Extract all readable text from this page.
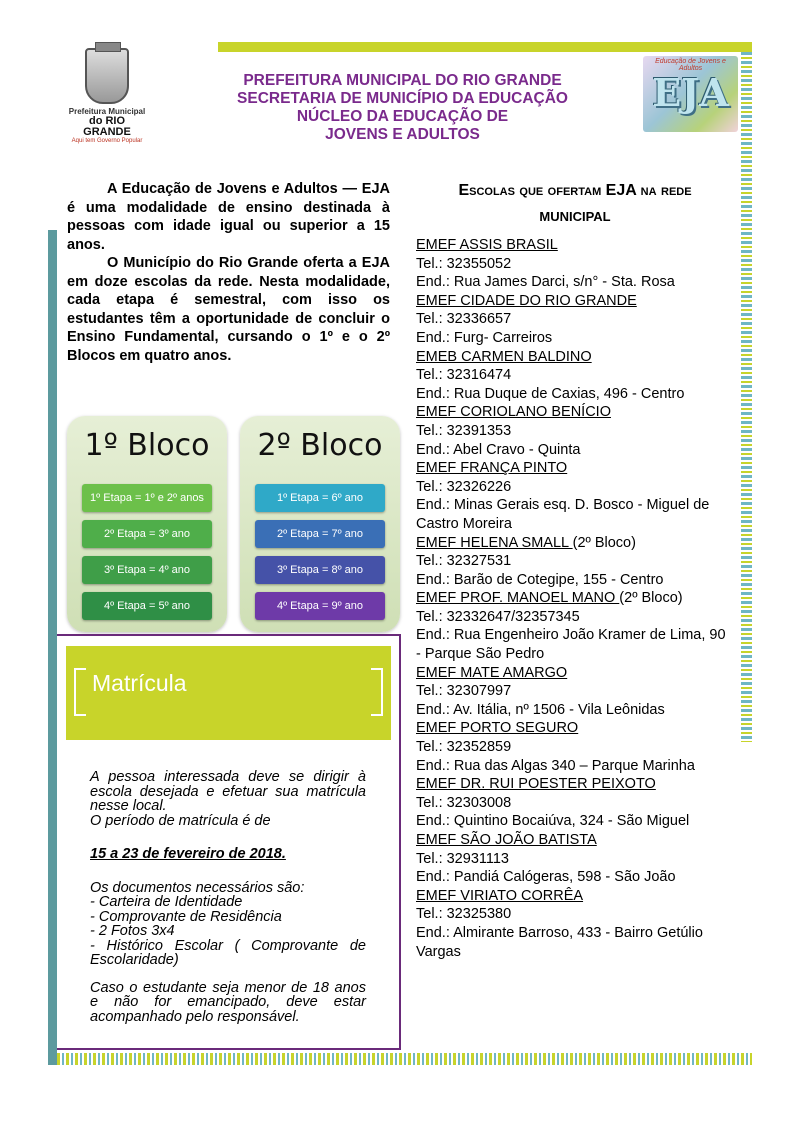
Prefeitura Municipal
do RIO GRANDE
Aqui tem Governo Popular
Educação de Jovens e Adultos
EJA
PREFEITURA MUNICIPAL DO RIO GRANDE
SECRETARIA DE MUNICÍPIO DA EDUCAÇÃO
NÚCLEO DA EDUCAÇÃO DE
JOVENS E ADULTOS

A Educação de Jovens e Adultos — EJA é uma modalidade de ensino destinada à pessoas com idade igual ou superior a 15 anos.

O Município do Rio Grande oferta a EJA em doze escolas da rede. Nesta modalidade, cada etapa é semestral, com isso os estudantes têm a oportunidade de concluir o Ensino Fundamental, cursando o 1º e o 2º Blocos em quatro anos.

1º Bloco
1º Etapa = 1º e 2º anos
2º Etapa = 3º ano
3º Etapa = 4º ano
4º Etapa = 5º ano
2º Bloco
1º Etapa = 6º ano
2º Etapa = 7º ano
3º Etapa = 8º ano
4º Etapa = 9º ano
Matrícula
A pessoa interessada deve se dirigir à escola desejada e efetuar sua matrícula nesse local.
O período de matrícula é de
15 a 23 de fevereiro de 2018.
Os documentos necessários são:
- Carteira de Identidade
- Comprovante de Residência
- 2 Fotos 3x4
- Histórico Escolar ( Comprovante de Escolaridade)
Caso o estudante seja menor de 18 anos e não for emancipado, deve estar acompanhado pelo responsável.
Escolas que ofertam EJA na rede
MUNICIPAL
EMEF ASSIS BRASIL
Tel.: 32355052
End.: Rua James Darci, s/n° - Sta. Rosa
EMEF CIDADE DO RIO GRANDE
Tel.: 32336657
End.: Furg- Carreiros
EMEB CARMEN BALDINO
Tel.: 32316474
End.: Rua Duque de Caxias, 496 - Centro
EMEF CORIOLANO BENÍCIO
Tel.: 32391353
End.: Abel Cravo - Quinta
EMEF FRANÇA PINTO
Tel.: 32326226
End.: Minas Gerais esq. D. Bosco - Miguel de Castro Moreira
EMEF HELENA SMALL (2º Bloco)
Tel.: 32327531
End.: Barão de Cotegipe, 155 - Centro
EMEF PROF. MANOEL MANO (2º Bloco)
Tel.: 32332647/32357345
End.: Rua Engenheiro João Kramer de Lima, 90 - Parque São Pedro
EMEF MATE AMARGO
Tel.: 32307997
End.: Av. Itália, nº 1506 - Vila Leônidas
EMEF PORTO SEGURO
Tel.: 32352859
End.: Rua das Algas 340 – Parque Marinha
EMEF DR. RUI POESTER PEIXOTO
Tel.: 32303008
End.: Quintino Bocaiúva, 324 - São Miguel
EMEF SÃO JOÃO BATISTA
Tel.: 32931113
End.: Pandiá Calógeras, 598 - São João
EMEF VIRIATO CORRÊA
Tel.: 32325380
End.: Almirante Barroso, 433 - Bairro Getúlio Vargas
